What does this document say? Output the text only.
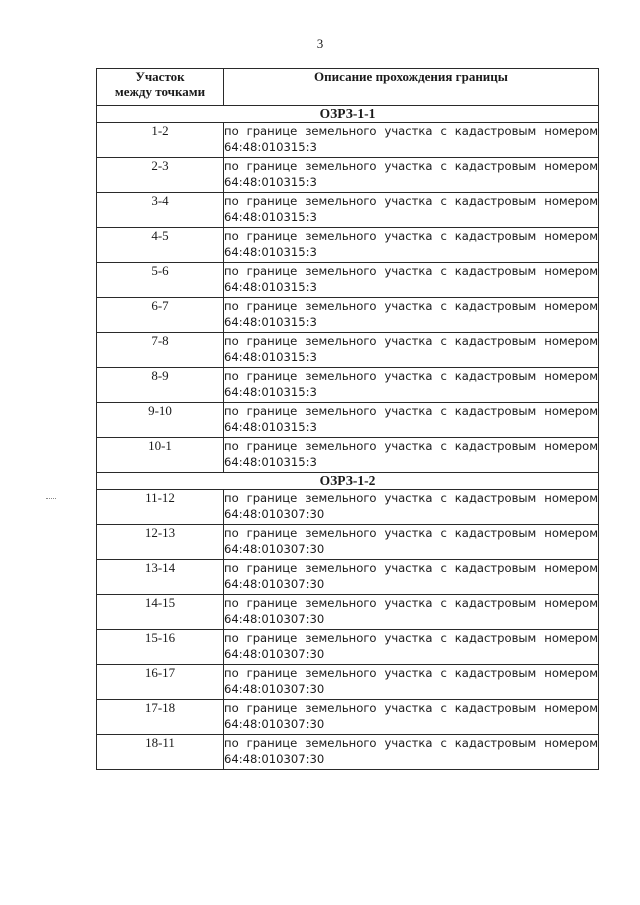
3
Участок
между точками	Описание прохождения границы
ОЗРЗ-1-1	
1-2	по границе земельного участка с кадастровым номером
64:48:010315:3

2-3	по границе земельного участка с кадастровым номером
64:48:010315:3

3-4	по границе земельного участка с кадастровым номером
64:48:010315:3

4-5	по границе земельного участка с кадастровым номером
64:48:010315:3

5-6	по границе земельного участка с кадастровым номером
64:48:010315:3

6-7	по границе земельного участка с кадастровым номером
64:48:010315:3

7-8	по границе земельного участка с кадастровым номером
64:48:010315:3

8-9	по границе земельного участка с кадастровым номером
64:48:010315:3

9-10	по границе земельного участка с кадастровым номером
64:48:010315:3

10-1	по границе земельного участка с кадастровым номером
64:48:010315:3

ОЗРЗ-1-2	
11-12	по границе земельного участка с кадастровым номером
64:48:010307:30

12-13	по границе земельного участка с кадастровым номером
64:48:010307:30

13-14	по границе земельного участка с кадастровым номером
64:48:010307:30

14-15	по границе земельного участка с кадастровым номером
64:48:010307:30

15-16	по границе земельного участка с кадастровым номером
64:48:010307:30

16-17	по границе земельного участка с кадастровым номером
64:48:010307:30

17-18	по границе земельного участка с кадастровым номером
64:48:010307:30

18-11	по границе земельного участка с кадастровым номером
64:48:010307:30
